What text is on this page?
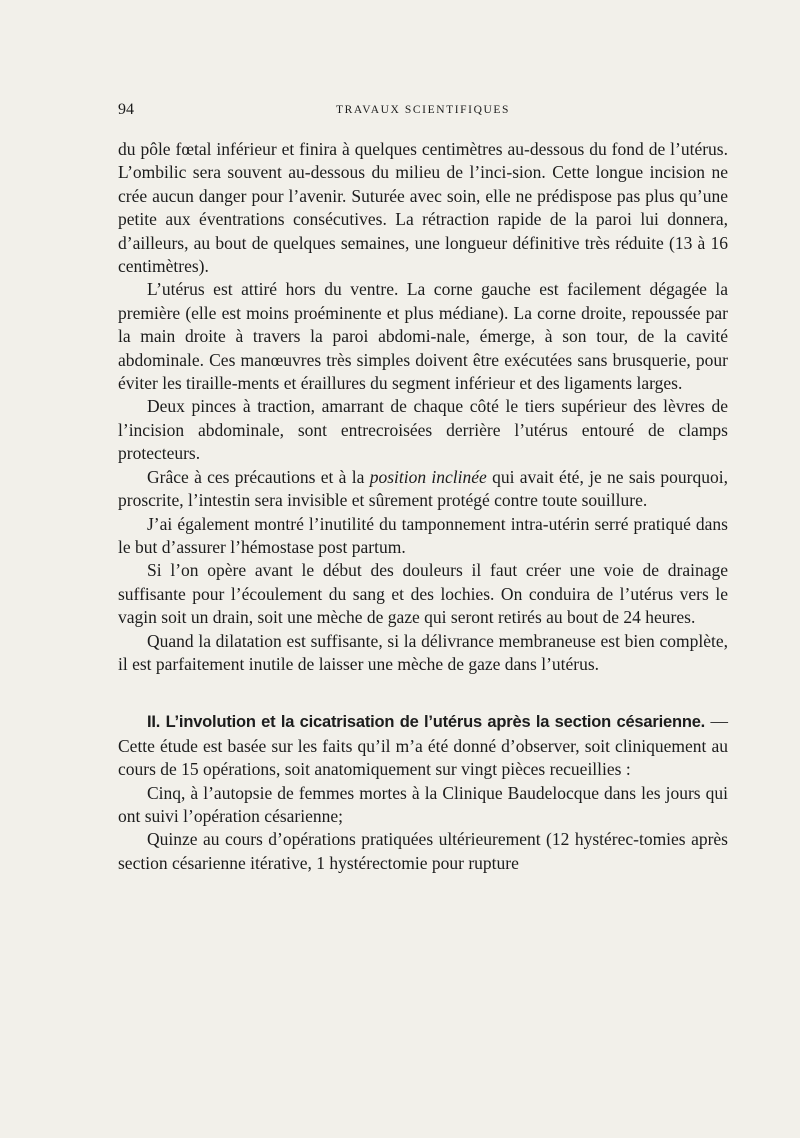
94	TRAVAUX SCIENTIFIQUES

du pôle fœtal inférieur et finira à quelques centimètres au-dessous du fond de l’utérus. L’ombilic sera souvent au-dessous du milieu de l’inci-sion. Cette longue incision ne crée aucun danger pour l’avenir. Suturée avec soin, elle ne prédispose pas plus qu’une petite aux éventrations consécutives. La rétraction rapide de la paroi lui donnera, d’ailleurs, au bout de quelques semaines, une longueur définitive très réduite (13 à 16 centimètres).

L’utérus est attiré hors du ventre. La corne gauche est facilement dégagée la première (elle est moins proéminente et plus médiane). La corne droite, repoussée par la main droite à travers la paroi abdomi-nale, émerge, à son tour, de la cavité abdominale. Ces manœuvres très simples doivent être exécutées sans brusquerie, pour éviter les tiraille-ments et éraillures du segment inférieur et des ligaments larges.

Deux pinces à traction, amarrant de chaque côté le tiers supérieur des lèvres de l’incision abdominale, sont entrecroisées derrière l’utérus entouré de clamps protecteurs.

Grâce à ces précautions et à la position inclinée qui avait été, je ne sais pourquoi, proscrite, l’intestin sera invisible et sûrement protégé contre toute souillure.

J’ai également montré l’inutilité du tamponnement intra-utérin serré pratiqué dans le but d’assurer l’hémostase post partum.

Si l’on opère avant le début des douleurs il faut créer une voie de drainage suffisante pour l’écoulement du sang et des lochies. On conduira de l’utérus vers le vagin soit un drain, soit une mèche de gaze qui seront retirés au bout de 24 heures.

Quand la dilatation est suffisante, si la délivrance membraneuse est bien complète, il est parfaitement inutile de laisser une mèche de gaze dans l’utérus.

II. L’involution et la cicatrisation de l’utérus après la section césarienne. — Cette étude est basée sur les faits qu’il m’a été donné d’observer, soit cliniquement au cours de 15 opérations, soit anatomiquement sur vingt pièces recueillies :

Cinq, à l’autopsie de femmes mortes à la Clinique Baudelocque dans les jours qui ont suivi l’opération césarienne;

Quinze au cours d’opérations pratiquées ultérieurement (12 hystérec-tomies après section césarienne itérative, 1 hystérectomie pour rupture
